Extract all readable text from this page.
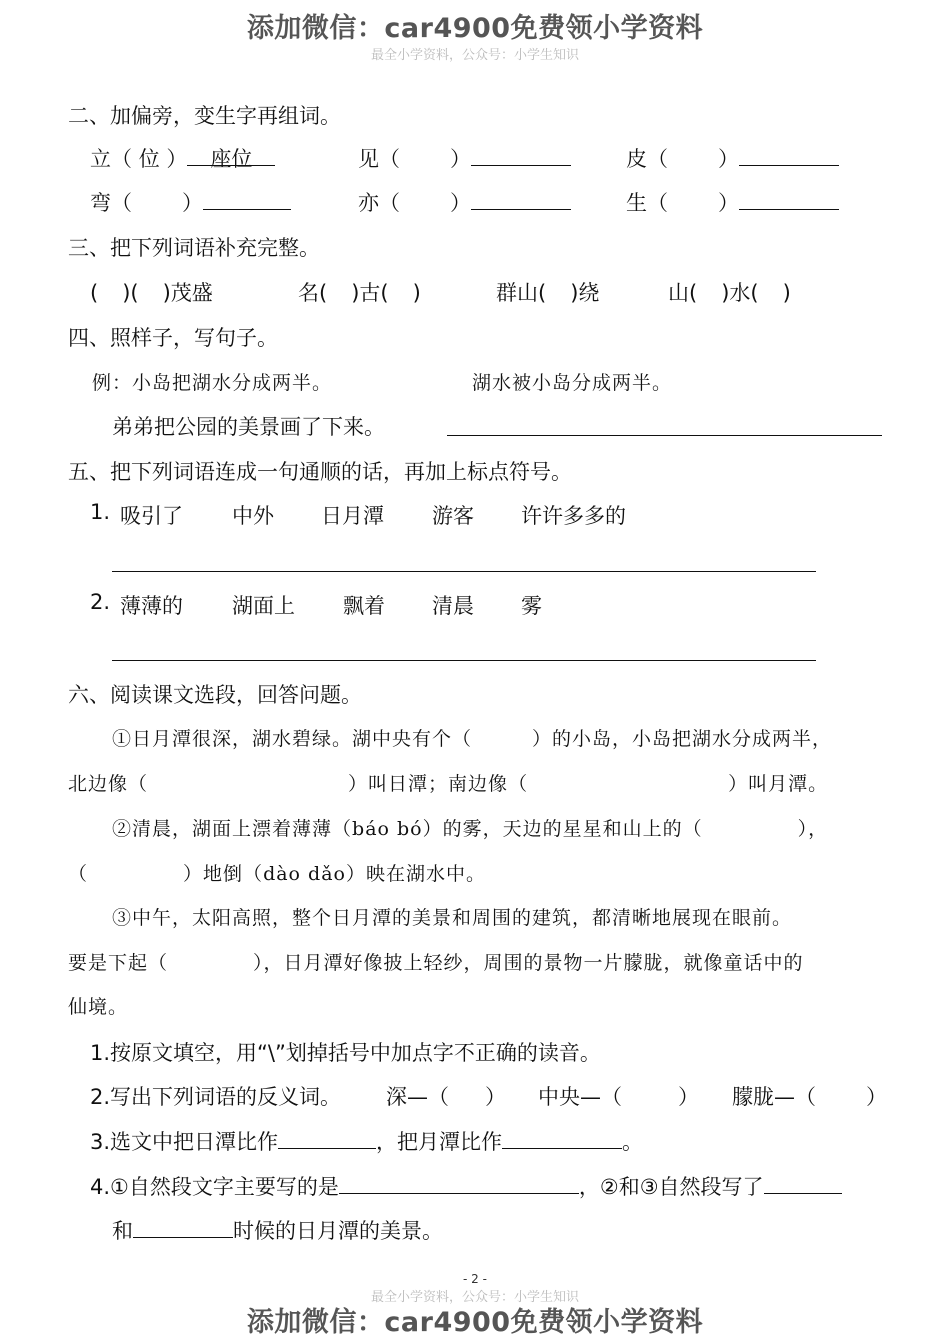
添加微信：car4900免费领小学资料
最全小学资料，公众号：小学生知识
二、加偏旁，变生字再组词。
立（ 位 ） 座位	见（ ）	皮（ ）
弯（ ）	亦（ ）	生（ ）
三、把下列词语补充完整。
( )( )茂盛	名( )古( )	群山( )绕	山( )水( )
四、照样子，写句子。
例：小岛把湖水分成两半。	湖水被小岛分成两半。
弟弟把公园的美景画了下来。
五、把下列词语连成一句通顺的话，再加上标点符号。
1. 吸引了 中外 日月潭 游客 许许多多的
2. 薄薄的 湖面上 飘着 清晨 雾
六、阅读课文选段，回答问题。
①日月潭很深，湖水碧绿。湖中央有个（	）的小岛，小岛把湖水分成两半，
北边像（	）叫日潭；南边像（	）叫月潭。
②清晨，湖面上漂着薄薄（báo bó）的雾，天边的星星和山上的（	），
（	）地倒（dào dǎo）映在湖水中。
③中午，太阳高照，整个日月潭的美景和周围的建筑，都清晰地展现在眼前。
要是下起（	），日月潭好像披上轻纱，周围的景物一片朦胧，就像童话中的
仙境。
1.按原文填空，用“\”划掉括号中加点字不正确的读音。
2.写出下列词语的反义词。 深—（ ） 中央—（	） 朦胧—（ ）
3.选文中把日潭比作	，把月潭比作	。
4.①自然段文字主要写的是	，②和③自然段写了
和	时候的日月潭的美景。
- 2 -
最全小学资料，公众号：小学生知识
添加微信：car4900免费领小学资料
